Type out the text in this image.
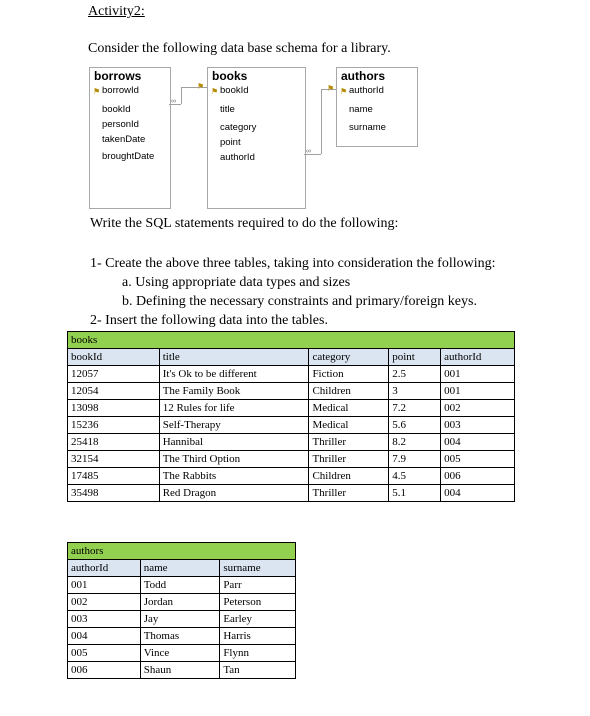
Activity2:
Consider the following data base schema for a library.
borrows
⚑ borrowId
bookId
personId
takenDate
broughtDate
books
⚑ bookId
title
category
point
authorId
authors
⚑ authorId
name
surname
∞
⚑
∞
⚑
Write the SQL statements required to do the following:
1- Create the above three tables, taking into consideration the following:
a. Using appropriate data types and sizes
b. Defining the necessary constraints and primary/foreign keys.
2- Insert the following data into the tables.
books				
bookId	title	category	point	authorId
12057	It's Ok to be different	Fiction	2.5	001
12054	The Family Book	Children	3	001
13098	12 Rules for life	Medical	7.2	002
15236	Self-Therapy	Medical	5.6	003
25418	Hannibal	Thriller	8.2	004
32154	The Third Option	Thriller	7.9	005
17485	The Rabbits	Children	4.5	006
35498	Red Dragon	Thriller	5.1	004
authors		
authorId	name	surname
001	Todd	Parr
002	Jordan	Peterson
003	Jay	Earley
004	Thomas	Harris
005	Vince	Flynn
006	Shaun	Tan
